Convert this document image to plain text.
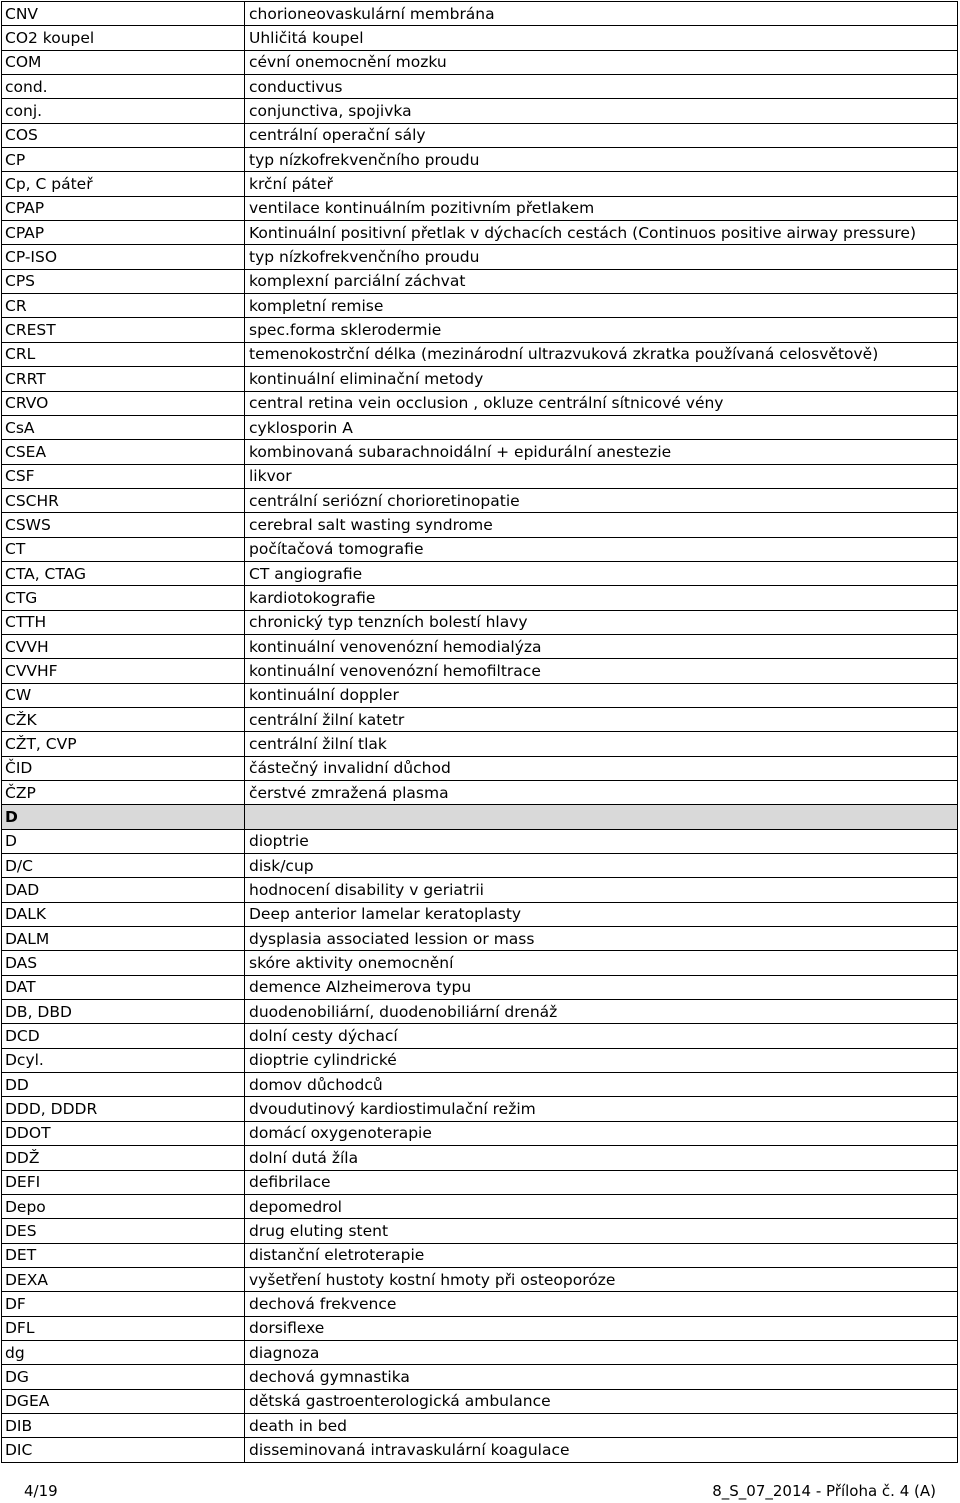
CNV	chorioneovaskulární membrána
CO2 koupel	Uhličitá koupel
COM	cévní onemocnění mozku
cond.	conductivus
conj.	conjunctiva, spojivka
COS	centrální operační sály
CP	typ nízkofrekvenčního proudu
Cp, C páteř	krční páteř
CPAP	ventilace kontinuálním pozitivním přetlakem
CPAP	Kontinuální positivní přetlak v dýchacích cestách (Continuos positive airway pressure)
CP-ISO	typ nízkofrekvenčního proudu
CPS	komplexní parciální záchvat
CR	kompletní remise
CREST	spec.forma sklerodermie
CRL	temenokostrční délka (mezinárodní ultrazvuková zkratka používaná celosvětově)
CRRT	kontinuální eliminační metody
CRVO	central retina vein occlusion , okluze centrální sítnicové vény
CsA	cyklosporin A
CSEA	kombinovaná subarachnoidální + epidurální anestezie
CSF	likvor
CSCHR	centrální seriózní chorioretinopatie
CSWS	cerebral salt wasting syndrome
CT	počítačová tomografie
CTA, CTAG	CT angiografie
CTG	kardiotokografie
CTTH	chronický typ tenzních bolestí hlavy
CVVH	kontinuální venovenózní hemodialýza
CVVHF	kontinuální venovenózní hemofiltrace
CW	kontinuální doppler
CŽK	centrální žilní katetr
CŽT, CVP	centrální žilní tlak
ČID	částečný invalidní důchod
ČZP	čerstvé zmražená plasma
D	
D	dioptrie
D/C	disk/cup
DAD	hodnocení disability v geriatrii
DALK	Deep anterior lamelar keratoplasty
DALM	dysplasia associated lession or mass
DAS	skóre aktivity onemocnění
DAT	demence Alzheimerova typu
DB, DBD	duodenobiliární, duodenobiliární drenáž
DCD	dolní cesty dýchací
Dcyl.	dioptrie cylindrické
DD	domov důchodců
DDD, DDDR	dvoudutinový kardiostimulační režim
DDOT	domácí oxygenoterapie
DDŽ	dolní dutá žíla
DEFI	defibrilace
Depo	depomedrol
DES	drug eluting stent
DET	distanční eletroterapie
DEXA	vyšetření hustoty kostní hmoty při osteoporóze
DF	dechová frekvence
DFL	dorsiflexe
dg	diagnoza
DG	dechová gymnastika
DGEA	dětská gastroenterologická ambulance
DIB	death in bed
DIC	disseminovaná intravaskulární koagulace
4/19	8_S_07_2014 - Příloha č. 4 (A)
